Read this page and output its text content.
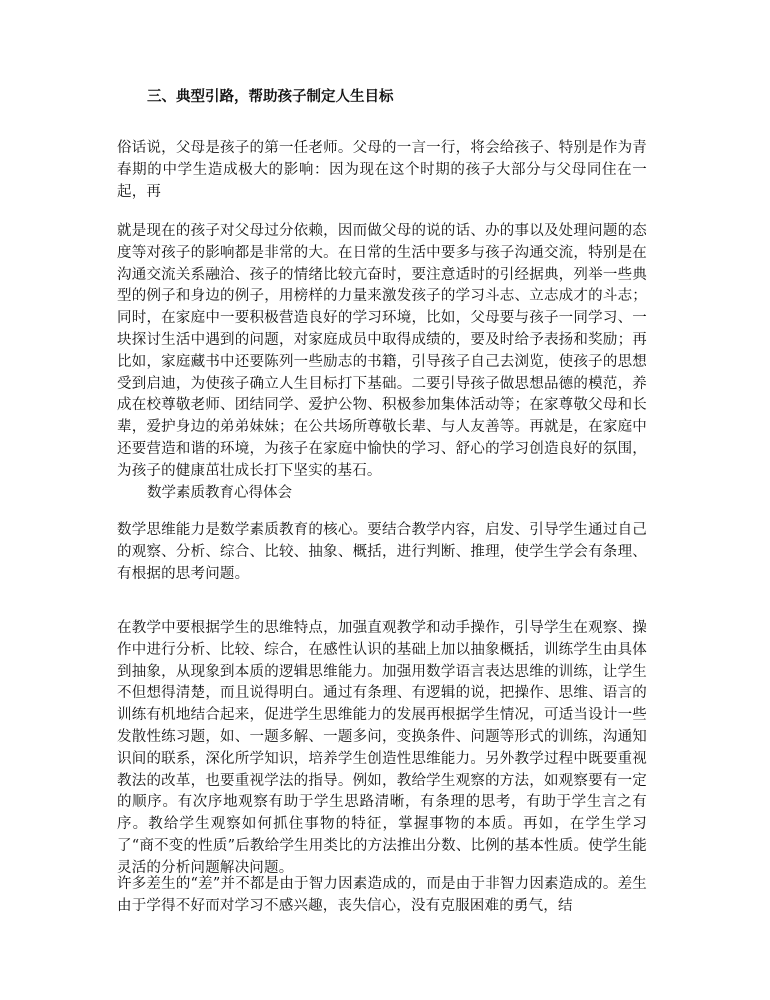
三、典型引路，帮助孩子制定人生目标

俗话说，父母是孩子的第一任老师。父母的一言一行，将会给孩子、特别是作为青春期的中学生造成极大的影响：因为现在这个时期的孩子大部分与父母同住在一起，再

就是现在的孩子对父母过分依赖，因而做父母的说的话、办的事以及处理问题的态度等对孩子的影响都是非常的大。在日常的生活中要多与孩子沟通交流，特别是在沟通交流关系融洽、孩子的情绪比较亢奋时，要注意适时的引经据典，列举一些典型的例子和身边的例子，用榜样的力量来激发孩子的学习斗志、立志成才的斗志；同时，在家庭中一要积极营造良好的学习环境，比如，父母要与孩子一同学习、一块探讨生活中遇到的问题，对家庭成员中取得成绩的，要及时给予表扬和奖励；再比如，家庭藏书中还要陈列一些励志的书籍，引导孩子自己去浏览，使孩子的思想受到启迪，为使孩子确立人生目标打下基础。二要引导孩子做思想品德的模范，养成在校尊敬老师、团结同学、爱护公物、积极参加集体活动等；在家尊敬父母和长辈，爱护身边的弟弟妹妹；在公共场所尊敬长辈、与人友善等。再就是，在家庭中还要营造和谐的环境，为孩子在家庭中愉快的学习、舒心的学习创造良好的氛围，为孩子的健康茁壮成长打下坚实的基石。

数学素质教育心得体会

数学思维能力是数学素质教育的核心。要结合教学内容，启发、引导学生通过自己的观察、分析、综合、比较、抽象、概括，进行判断、推理，使学生学会有条理、有根据的思考问题。

在教学中要根据学生的思维特点，加强直观教学和动手操作，引导学生在观察、操作中进行分析、比较、综合，在感性认识的基础上加以抽象概括，训练学生由具体到抽象，从现象到本质的逻辑思维能力。加强用数学语言表达思维的训练，让学生不但想得清楚，而且说得明白。通过有条理、有逻辑的说，把操作、思维、语言的训练有机地结合起来，促进学生思维能力的发展再根据学生情况，可适当设计一些发散性练习题，如、一题多解、一题多问，变换条件、问题等形式的训练，沟通知识间的联系，深化所学知识，培养学生创造性思维能力。另外教学过程中既要重视教法的改革，也要重视学法的指导。例如，教给学生观察的方法，如观察要有一定的顺序。有次序地观察有助于学生思路清晰，有条理的思考，有助于学生言之有序。教给学生观察如何抓住事物的特征，掌握事物的本质。再如，在学生学习了“商不变的性质”后教给学生用类比的方法推出分数、比例的基本性质。使学生能灵活的分析问题解决问题。

许多差生的“差”并不都是由于智力因素造成的，而是由于非智力因素造成的。差生由于学得不好而对学习不感兴趣，丧失信心，没有克服困难的勇气，结
